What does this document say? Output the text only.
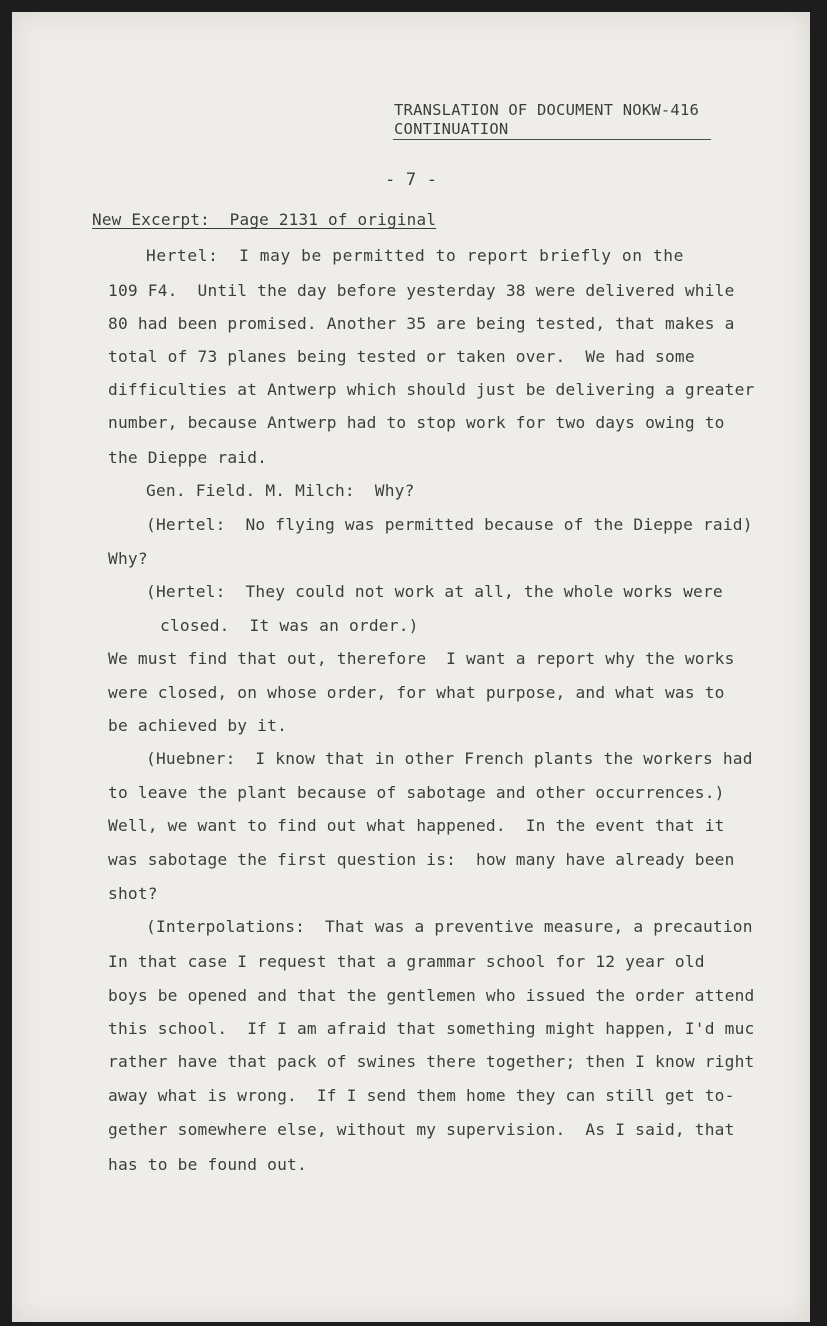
TRANSLATION OF DOCUMENT NOKW-416
CONTINUATION
- 7 -
New Excerpt:  Page 2131 of original
Hertel:  I may be permitted to report briefly on the
109 F4.  Until the day before yesterday 38 were delivered while
80 had been promised. Another 35 are being tested, that makes a
total of 73 planes being tested or taken over.  We had some
difficulties at Antwerp which should just be delivering a greater
number, because Antwerp had to stop work for two days owing to
the Dieppe raid.
Gen. Field. M. Milch:  Why?
(Hertel:  No flying was permitted because of the Dieppe raid)
Why?
(Hertel:  They could not work at all, the whole works were
closed.  It was an order.)
We must find that out, therefore  I want a report why the works
were closed, on whose order, for what purpose, and what was to
be achieved by it.
(Huebner:  I know that in other French plants the workers had
to leave the plant because of sabotage and other occurrences.)
Well, we want to find out what happened.  In the event that it
was sabotage the first question is:  how many have already been
shot?
(Interpolations:  That was a preventive measure, a precaution
In that case I request that a grammar school for 12 year old
boys be opened and that the gentlemen who issued the order attend
this school.  If I am afraid that something might happen, I'd muc
rather have that pack of swines there together; then I know right
away what is wrong.  If I send them home they can still get to-
gether somewhere else, without my supervision.  As I said, that
has to be found out.
